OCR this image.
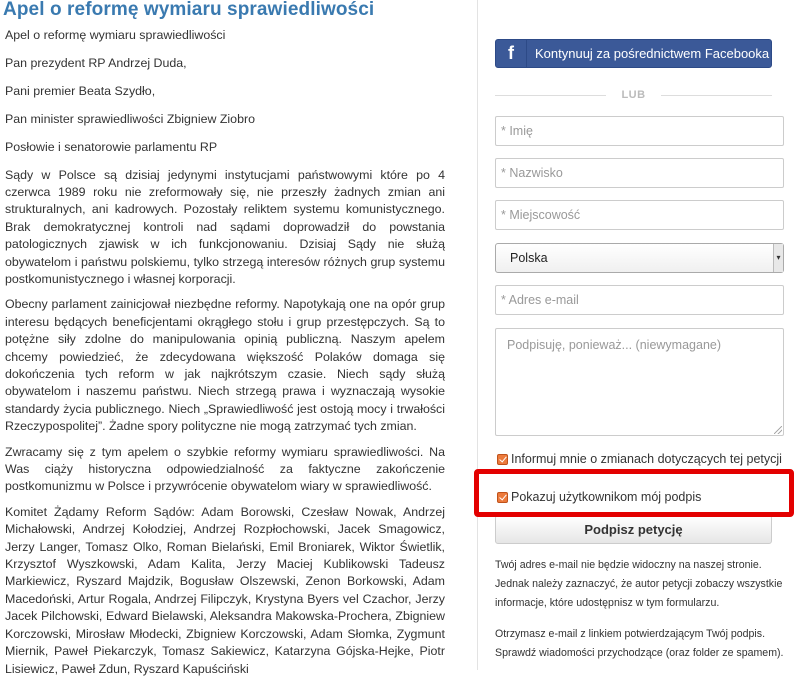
Apel o reformę wymiaru sprawiedliwości

Apel o reformę wymiaru sprawiedliwości

Pan prezydent RP Andrzej Duda,

Pani premier Beata Szydło,

Pan minister sprawiedliwości Zbigniew Ziobro

Posłowie i senatorowie parlamentu RP

Sądy w Polsce są dzisiaj jedynymi instytucjami państwowymi które po 4 czerwca 1989 roku nie zreformowały się, nie przeszły żadnych zmian ani strukturalnych, ani kadrowych. Pozostały reliktem systemu komunistycznego. Brak demokratycznej kontroli nad sądami doprowadził do powstania patologicznych zjawisk w ich funkcjonowaniu. Dzisiaj Sądy nie służą obywatelom i państwu polskiemu, tylko strzegą interesów różnych grup systemu postkomunistycznego i własnej korporacji.

Obecny parlament zainicjował niezbędne reformy. Napotykają one na opór grup interesu będących beneficjentami okrągłego stołu i grup przestępczych. Są to potężne siły zdolne do manipulowania opinią publiczną. Naszym apelem chcemy powiedzieć, że zdecydowana większość Polaków domaga się dokończenia tych reform w jak najkrótszym czasie. Niech sądy służą obywatelom i naszemu państwu. Niech strzegą prawa i wyznaczają wysokie standardy życia publicznego. Niech „Sprawiedliwość jest ostoją mocy i trwałości Rzeczypospolitej”. Żadne spory polityczne nie mogą zatrzymać tych zmian.

Zwracamy się z tym apelem o szybkie reformy wymiaru sprawiedliwości. Na Was ciąży historyczna odpowiedzialność za faktyczne zakończenie postkomunizmu w Polsce i przywrócenie obywatelom wiary w sprawiedliwość.

Komitet Żądamy Reform Sądów: Adam Borowski, Czesław Nowak, Andrzej Michałowski, Andrzej Kołodziej, Andrzej Rozpłochowski, Jacek Smagowicz, Jerzy Langer, Tomasz Olko, Roman Bielański, Emil Broniarek, Wiktor Świetlik, Krzysztof Wyszkowski, Adam Kalita, Jerzy Maciej Kublikowski Tadeusz Markiewicz, Ryszard Majdzik, Bogusław Olszewski, Zenon Borkowski, Adam Macedoński, Artur Rogala, Andrzej Filipczyk, Krystyna Byers vel Czachor, Jerzy Jacek Pilchowski, Edward Bielawski, Aleksandra Makowska-Prochera, Zbigniew Korczowski, Mirosław Młodecki, Zbigniew Korczowski, Adam Słomka, Zygmunt Miernik, Paweł Piekarczyk, Tomasz Sakiewicz, Katarzyna Gójska-Hejke, Piotr Lisiewicz, Paweł Zdun, Ryszard Kapuściński

f	Kontynuuj za pośrednictwem Facebooka
LUB
* Imię
* Nazwisko
* Miejscowość
Polska	▾
* Adres e-mail
Podpisuję, ponieważ... (niewymagane)
Informuj mnie o zmianach dotyczących tej petycji
Pokazuj użytkownikom mój podpis
Podpisz petycję
Twój adres e-mail nie będzie widoczny na naszej stronie. Jednak należy zaznaczyć, że autor petycji zobaczy wszystkie informacje, które udostępnisz w tym formularzu.
Otrzymasz e-mail z linkiem potwierdzającym Twój podpis. Sprawdź wiadomości przychodzące (oraz folder ze spamem).
